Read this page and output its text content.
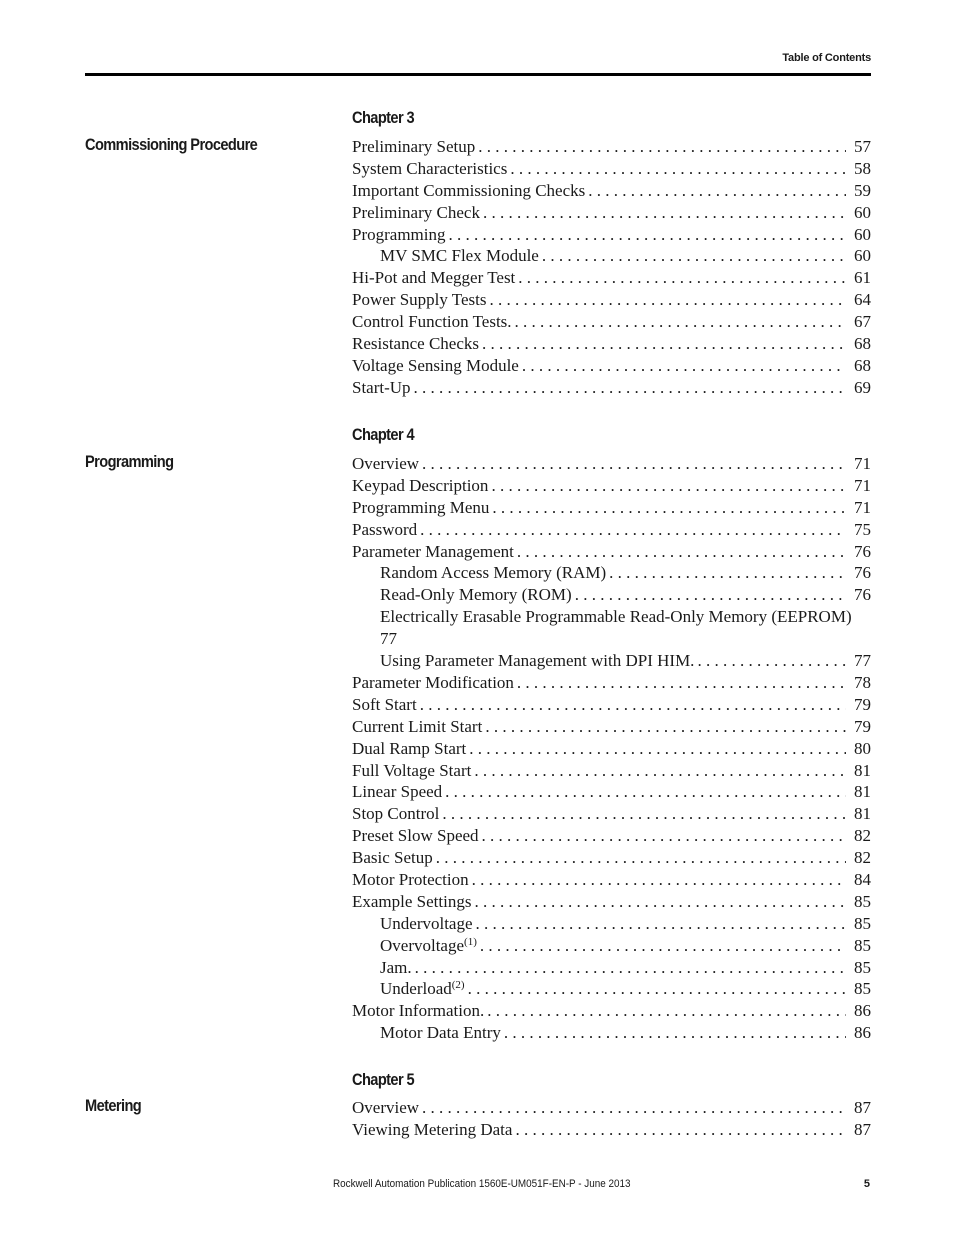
Table of Contents
Chapter 3
Commissioning Procedure	Preliminary Setup . . .	57
System Characteristics . . .	58
Important Commissioning Checks . . .	59
Preliminary Check . . .	60
Programming . . .	60
MV SMC Flex Module . . .	60
Hi-Pot and Megger Test . . .	61
Power Supply Tests . . .	64
Control Function Tests. . . .	67
Resistance Checks . . .	68
Voltage Sensing Module . . .	68
Start-Up . . .	69
Chapter 4
Programming	Overview . . .	71
Keypad Description . . .	71
Programming Menu . . .	71
Password . . .	75
Parameter Management . . .	76
Random Access Memory (RAM) . . .	76
Read-Only Memory (ROM) . . .	76
Electrically Erasable Programmable Read-Only Memory (EEPROM) 77
Using Parameter Management with DPI HIM. . . .	77
Parameter Modification . . .	78
Soft Start . . .	79
Current Limit Start . . .	79
Dual Ramp Start . . .	80
Full Voltage Start . . .	81
Linear Speed . . .	81
Stop Control . . .	81
Preset Slow Speed . . .	82
Basic Setup . . .	82
Motor Protection . . .	84
Example Settings . . .	85
Undervoltage . . .	85
Overvoltage$^{(1)}$ . . .	85
Jam. . . .	85
Underload$^{(2)}$ . . .	85
Motor Information. . . .	86
Motor Data Entry . . .	86
Chapter 5
Metering	Overview . . .	87
Viewing Metering Data . . .	87
Rockwell Automation Publication 1560E-UM051F-EN-P - June 2013	5
